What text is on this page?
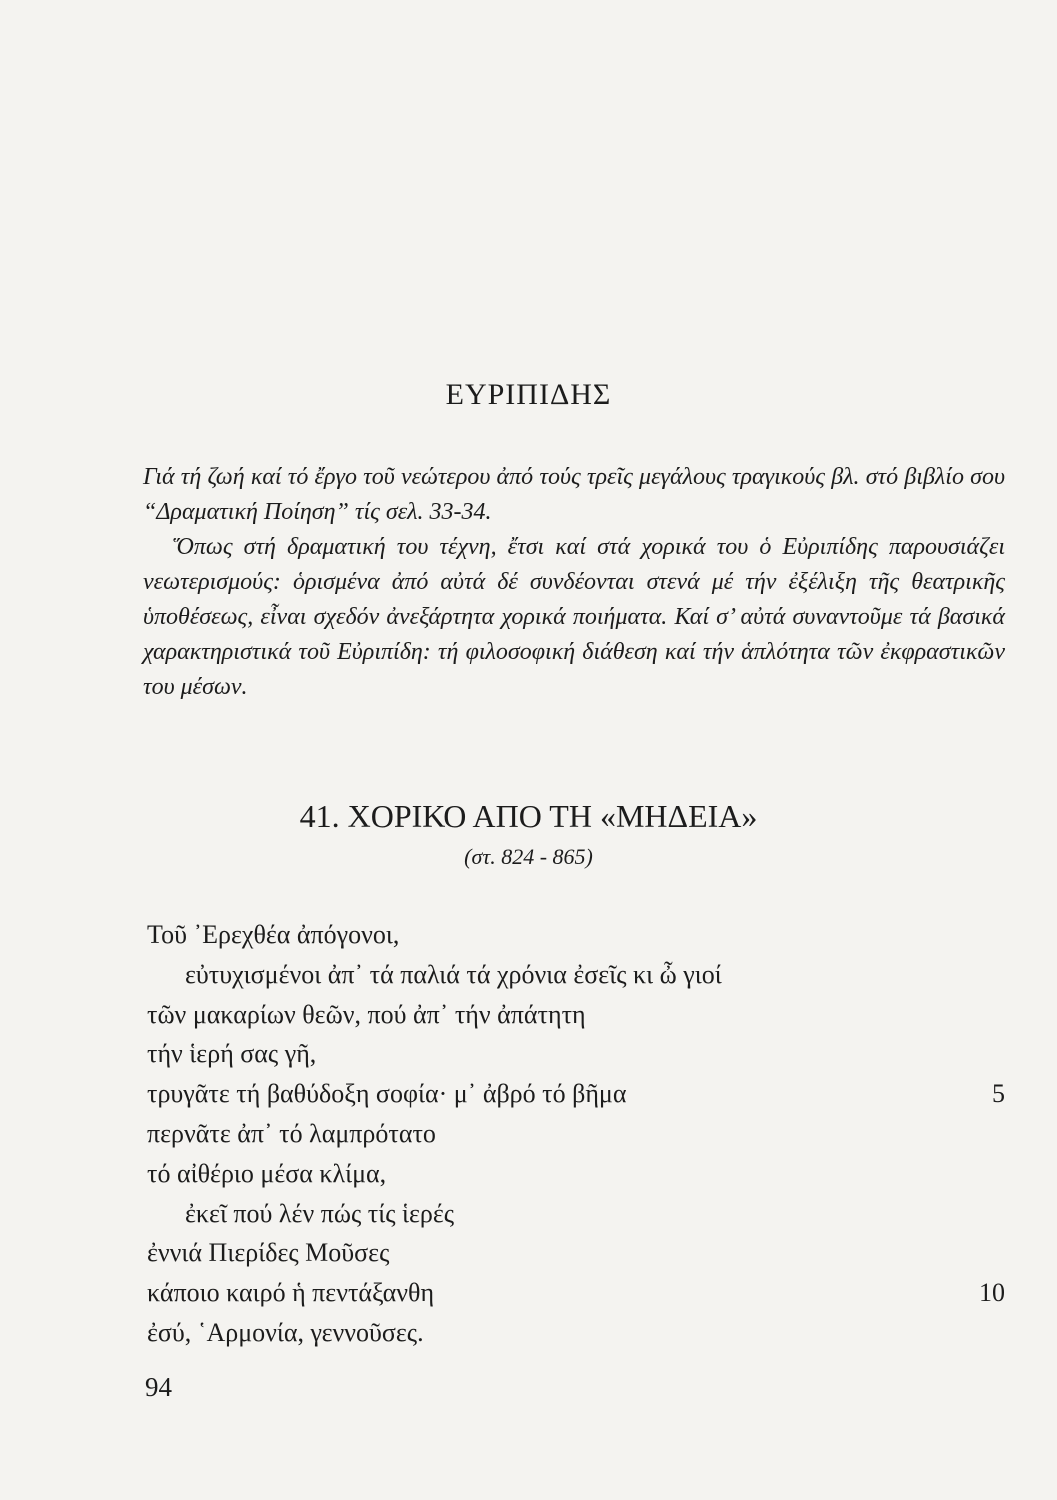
ΕΥΡΙΠΙΔΗΣ

Γιά τή ζωή καί τό ἔργο τοῦ νεώτερου ἀπό τούς τρεῖς μεγάλους τραγικούς βλ. στό βιβλίο σου “Δραματική Ποίηση” τίς σελ. 33-34.

Ὅπως στή δραματική του τέχνη, ἔτσι καί στά χορικά του ὁ Εὐριπίδης παρουσιάζει νεωτερισμούς: ὁρισμένα ἀπό αὐτά δέ συνδέονται στενά μέ τήν ἐξέλιξη τῆς θεατρικῆς ὑποθέσεως, εἶναι σχεδόν ἀνεξάρτητα χορικά ποιήματα. Καί σ’ αὐτά συναντοῦμε τά βασικά χαρακτηριστικά τοῦ Εὐριπίδη: τή φιλοσοφική διάθεση καί τήν ἁπλότητα τῶν ἐκφραστικῶν του μέσων.

41. ΧΟΡΙΚΟ ΑΠΟ ΤΗ «ΜΗΔΕΙΑ»
(στ. 824 - 865)
Τοῦ ᾿Ερεχθέα ἀπόγονοι,
εὐτυχισμένοι ἀπ᾿ τά παλιά τά χρόνια ἐσεῖς κι ὦ γιοί
τῶν μακαρίων θεῶν, πού ἀπ᾿ τήν ἀπάτητη
τήν ἱερή σας γῆ,
τρυγᾶτε τή βαθύδοξη σοφία· μ᾿ ἀβρό τό βῆμα	5
περνᾶτε ἀπ᾿ τό λαμπρότατο
τό αἰθέριο μέσα κλίμα,
ἐκεῖ πού λέν πώς τίς ἱερές
ἐννιά Πιερίδες Μοῦσες
κάποιο καιρό ἡ πεντάξανθη	10
ἐσύ, ῾Αρμονία, γεννοῦσες.
94
